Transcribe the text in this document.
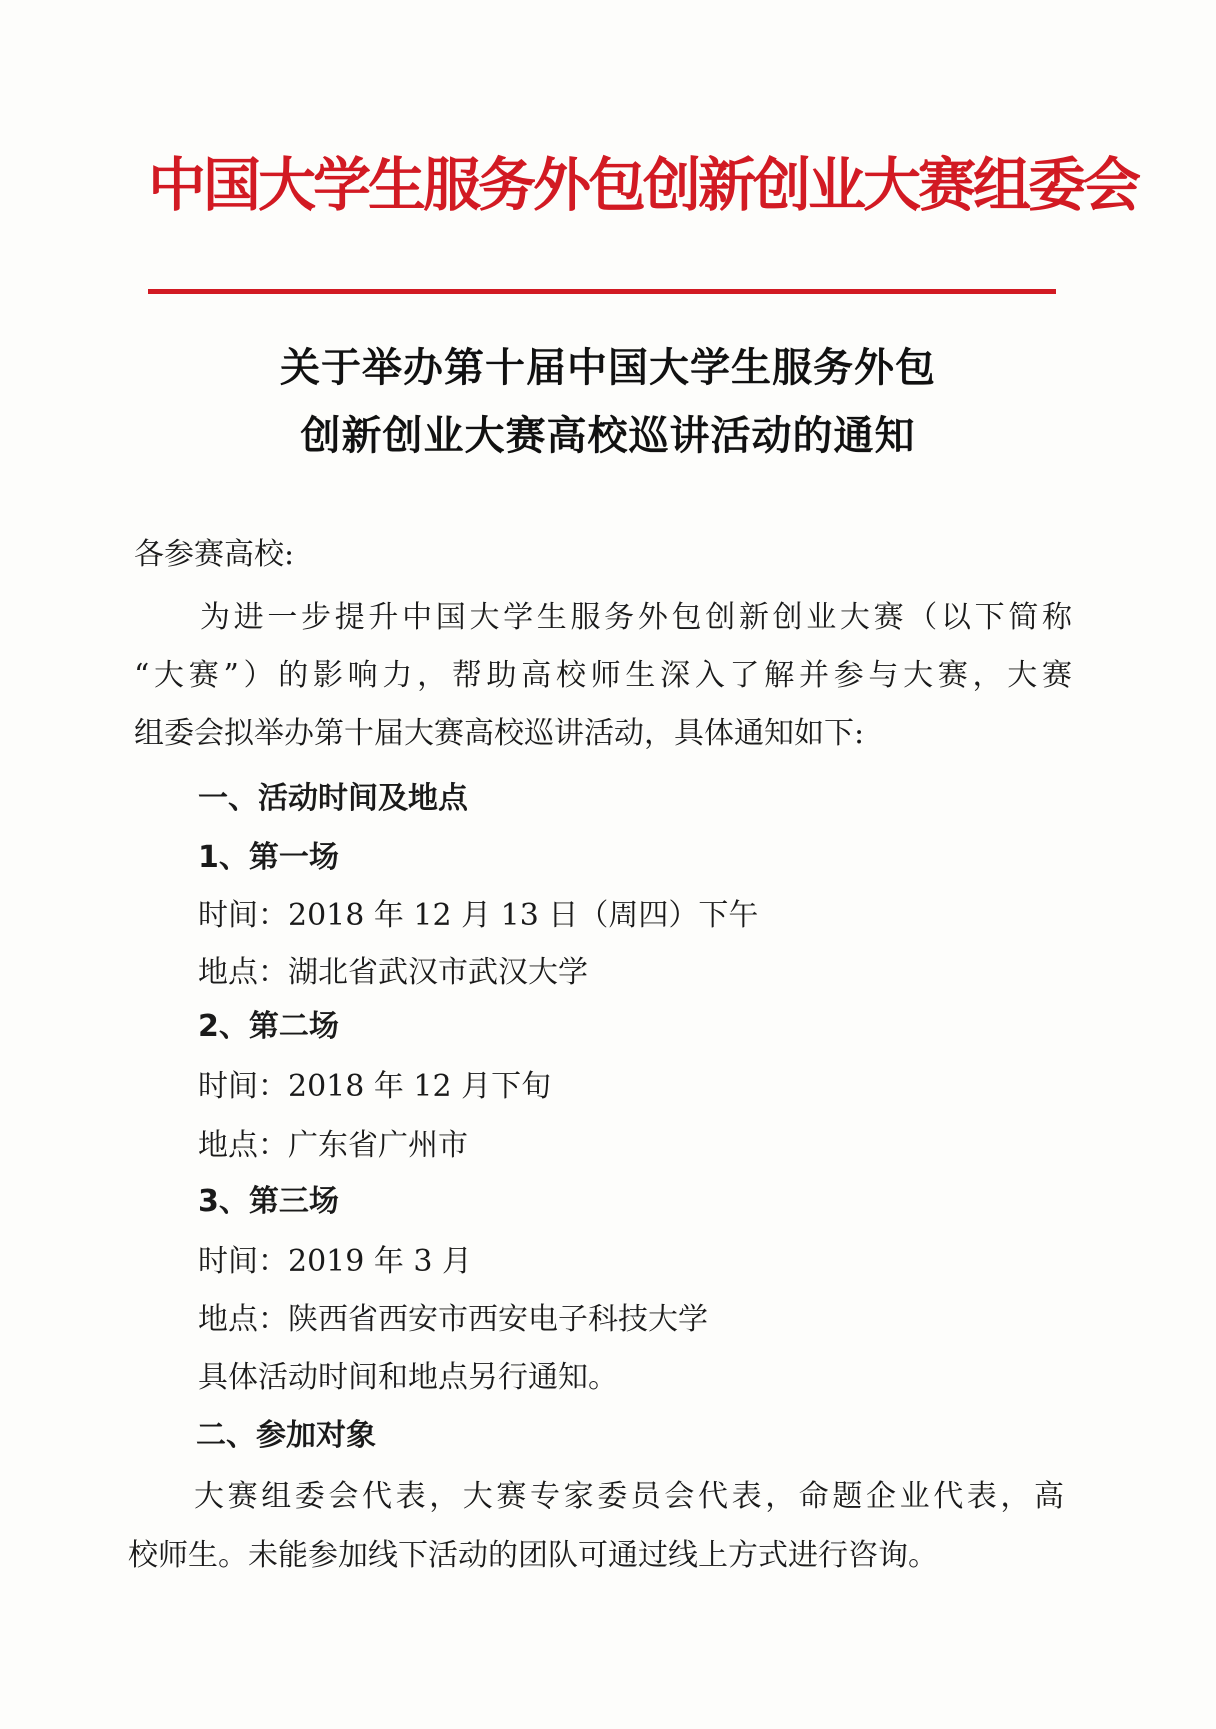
中国大学生服务外包创新创业大赛组委会
关于举办第十届中国大学生服务外包
创新创业大赛高校巡讲活动的通知
各参赛高校:
为进一步提升中国大学生服务外包创新创业大赛（以下简称
“大赛”）的影响力，帮助高校师生深入了解并参与大赛，大赛
组委会拟举办第十届大赛高校巡讲活动，具体通知如下:
一、活动时间及地点
1、第一场
时间：2018 年 12 月 13 日（周四）下午
地点：湖北省武汉市武汉大学
2、第二场
时间：2018 年 12 月下旬
地点：广东省广州市
3、第三场
时间：2019 年 3 月
地点：陕西省西安市西安电子科技大学
具体活动时间和地点另行通知。
二、参加对象
大赛组委会代表，大赛专家委员会代表，命题企业代表，高
校师生。未能参加线下活动的团队可通过线上方式进行咨询。
